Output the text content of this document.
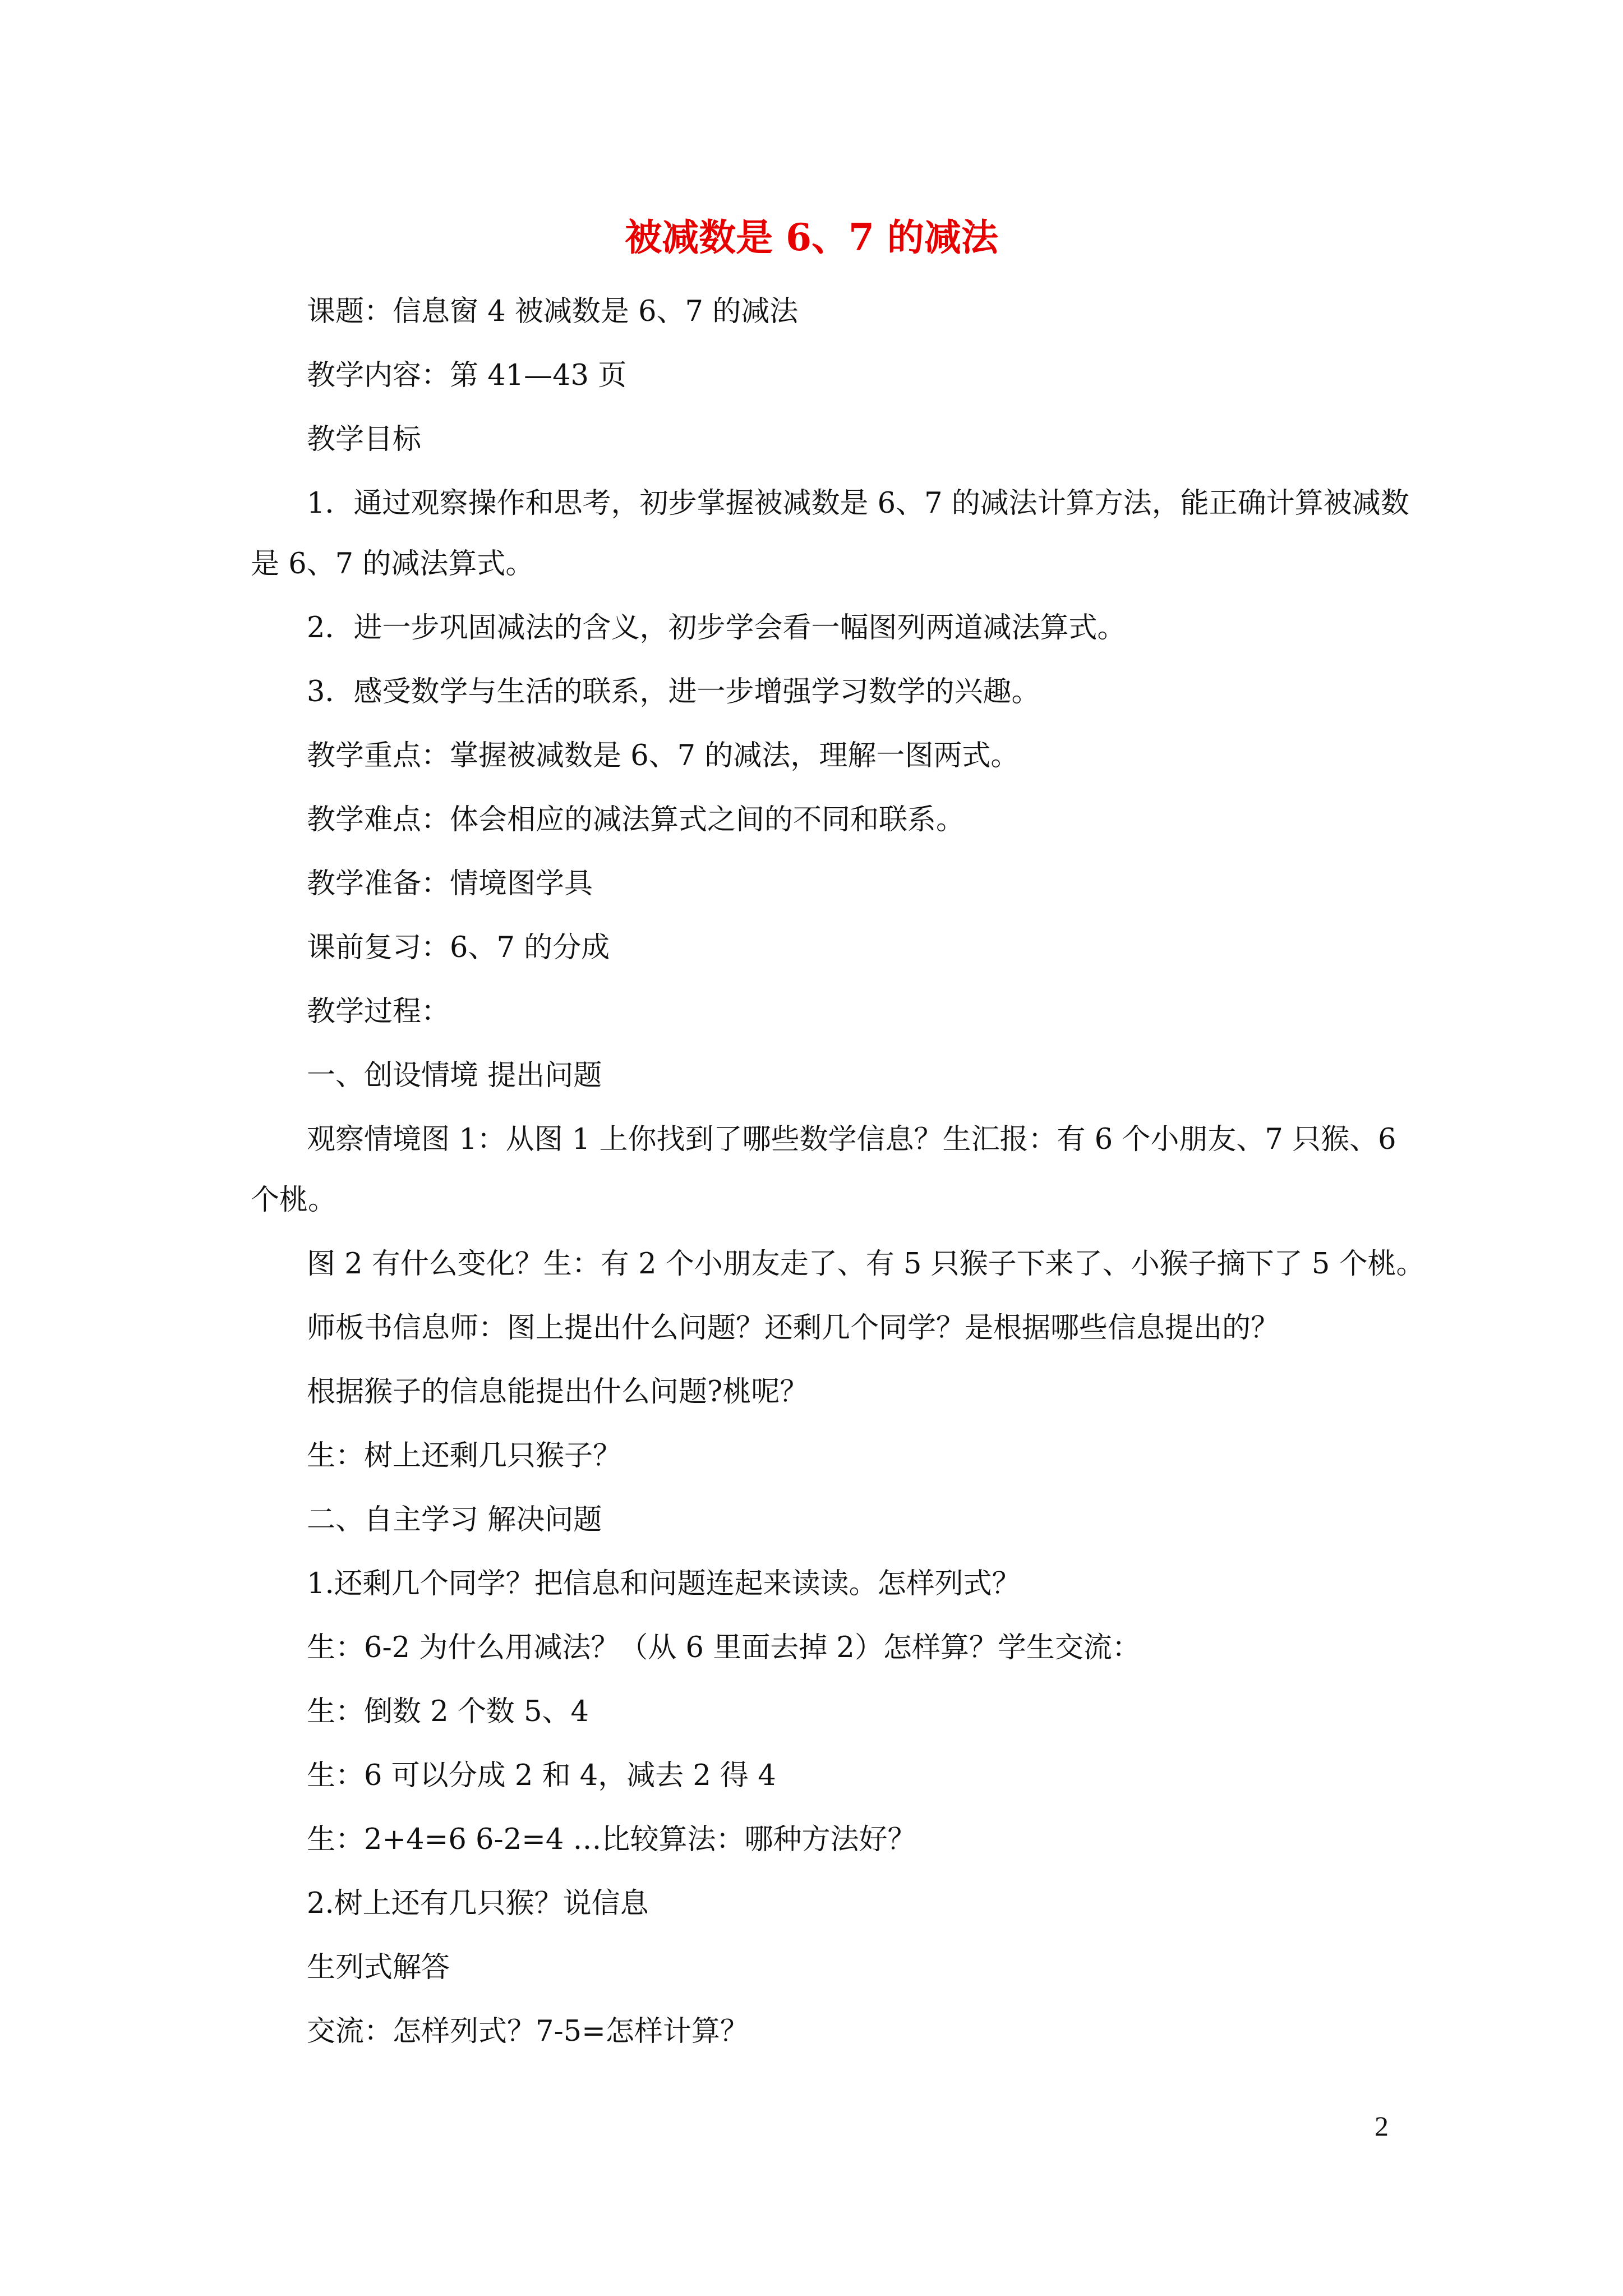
被减数是 6、7 的减法
课题：信息窗 4 被减数是 6、7 的减法
教学内容：第 41—43 页
教学目标
1．通过观察操作和思考，初步掌握被减数是 6、7 的减法计算方法，能正确计算被减数
是 6、7 的减法算式。
2．进一步巩固减法的含义，初步学会看一幅图列两道减法算式。
3．感受数学与生活的联系，进一步增强学习数学的兴趣。
教学重点：掌握被减数是 6、7 的减法，理解一图两式。
教学难点：体会相应的减法算式之间的不同和联系。
教学准备：情境图学具
课前复习：6、7 的分成
教学过程：
一、创设情境 提出问题
观察情境图 1：从图 1 上你找到了哪些数学信息？生汇报：有 6 个小朋友、7 只猴、6
个桃。
图 2 有什么变化？生：有 2 个小朋友走了、有 5 只猴子下来了、小猴子摘下了 5 个桃。
师板书信息师：图上提出什么问题？还剩几个同学？是根据哪些信息提出的？
根据猴子的信息能提出什么问题?桃呢？
生：树上还剩几只猴子？
二、自主学习 解决问题
1.还剩几个同学？把信息和问题连起来读读。怎样列式？
生：6-2 为什么用减法？（从 6 里面去掉 2）怎样算？学生交流：
生：倒数 2 个数 5、4
生：6 可以分成 2 和 4，减去 2 得 4
生：2+4=6 6-2=4 …比较算法：哪种方法好？
2.树上还有几只猴？说信息
生列式解答
交流：怎样列式？7-5=怎样计算？
2
